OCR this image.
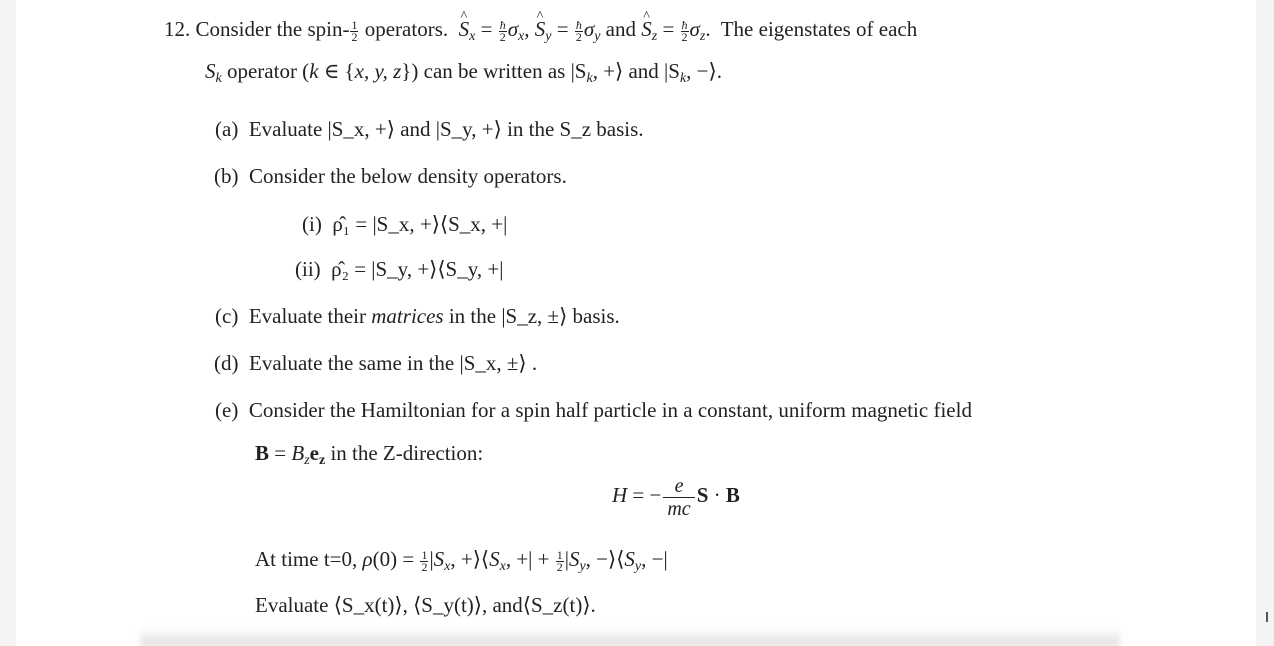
12. Consider the spin- $\frac{1}{2}$ operators.  ^ $S_x = \frac{ħ}{2} \sigma_x$, ^ $S_y = \frac{ħ}{2} \sigma_y$ and ^ $S_z = \frac{ħ}{2} \sigma_z$.  The eigenstates of each
$S_k$ operator (k ∈ {x, y, z}) can be written as $|S_k$, +⟩ and $|S_k$, −⟩.
(a) Evaluate |S_x, +⟩ and |S_y, +⟩ in the S_z basis.
(b) Consider the below density operators.
(i) ρ̂₁ = |S_x, +⟩⟨S_x, +|
(ii) ρ̂₂ = |S_y, +⟩⟨S_y, +|
(c) Evaluate their matrices in the |S_z, ±⟩ basis.
(d) Evaluate the same in the |S_x, ±⟩ .
(e) Consider the Hamiltonian for a spin half particle in a constant, uniform magnetic field
$B = B_ze_z$ in the Z-direction:
H = − $\frac{e}{mc}$ S · B
At time t=0, $\rho(0) = \frac{1}{2} |S_x$, $+⟩⟨S_x$, +| + $\frac{1}{2} |S_y$, $-⟩⟨S_y$, −|
Evaluate ⟨S_x(t)⟩, ⟨S_y(t)⟩, and⟨S_z(t)⟩.
